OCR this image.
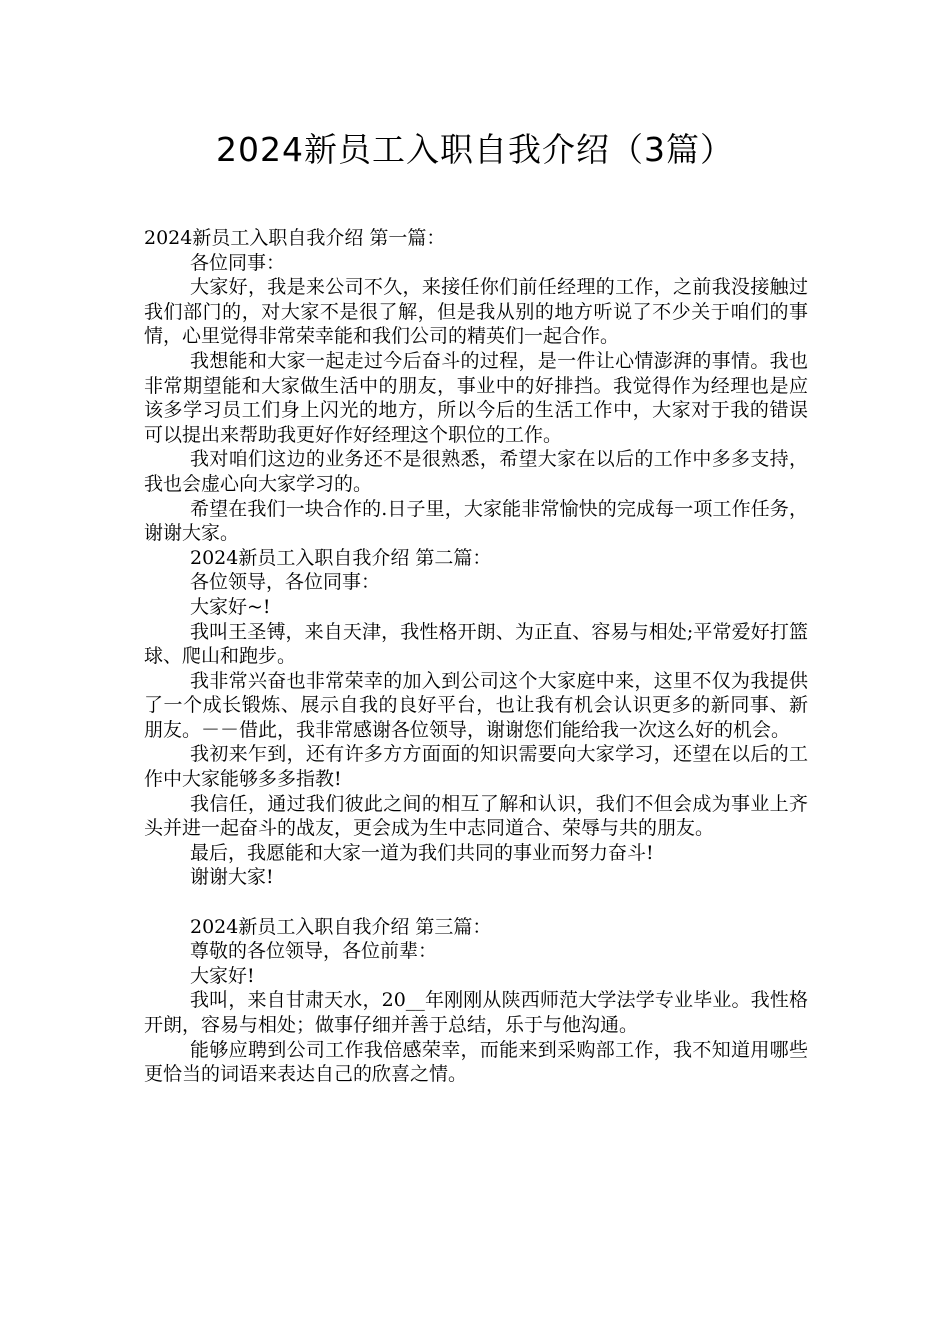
2024新员工入职自我介绍（3篇）

2024新员工入职自我介绍 第一篇：

各位同事：

大家好，我是来公司不久，来接任你们前任经理的工作，之前我没接触过我们部门的，对大家不是很了解，但是我从别的地方听说了不少关于咱们的事情，心里觉得非常荣幸能和我们公司的精英们一起合作。

我想能和大家一起走过今后奋斗的过程，是一件让心情澎湃的事情。我也非常期望能和大家做生活中的朋友，事业中的好排挡。我觉得作为经理也是应该多学习员工们身上闪光的地方，所以今后的生活工作中，大家对于我的错误可以提出来帮助我更好作好经理这个职位的工作。

我对咱们这边的业务还不是很熟悉，希望大家在以后的工作中多多支持，我也会虚心向大家学习的。

希望在我们一块合作的.日子里，大家能非常愉快的完成每一项工作任务，谢谢大家。

2024新员工入职自我介绍 第二篇：

各位领导，各位同事：

大家好~!

我叫王圣镈，来自天津，我性格开朗、为正直、容易与相处;平常爱好打篮球、爬山和跑步。

我非常兴奋也非常荣幸的加入到公司这个大家庭中来，这里不仅为我提供了一个成长锻炼、展示自我的良好平台，也让我有机会认识更多的新同事、新朋友。－－借此，我非常感谢各位领导，谢谢您们能给我一次这么好的机会。

我初来乍到，还有许多方方面面的知识需要向大家学习，还望在以后的工作中大家能够多多指教!

我信任，通过我们彼此之间的相互了解和认识，我们不但会成为事业上齐头并进一起奋斗的战友，更会成为生中志同道合、荣辱与共的朋友。

最后，我愿能和大家一道为我们共同的事业而努力奋斗!

谢谢大家!

2024新员工入职自我介绍 第三篇：

尊敬的各位领导，各位前辈：

大家好!

我叫，来自甘肃天水，20__年刚刚从陕西师范大学法学专业毕业。我性格开朗，容易与相处；做事仔细并善于总结，乐于与他沟通。

能够应聘到公司工作我倍感荣幸，而能来到采购部工作，我不知道用哪些更恰当的词语来表达自己的欣喜之情。
